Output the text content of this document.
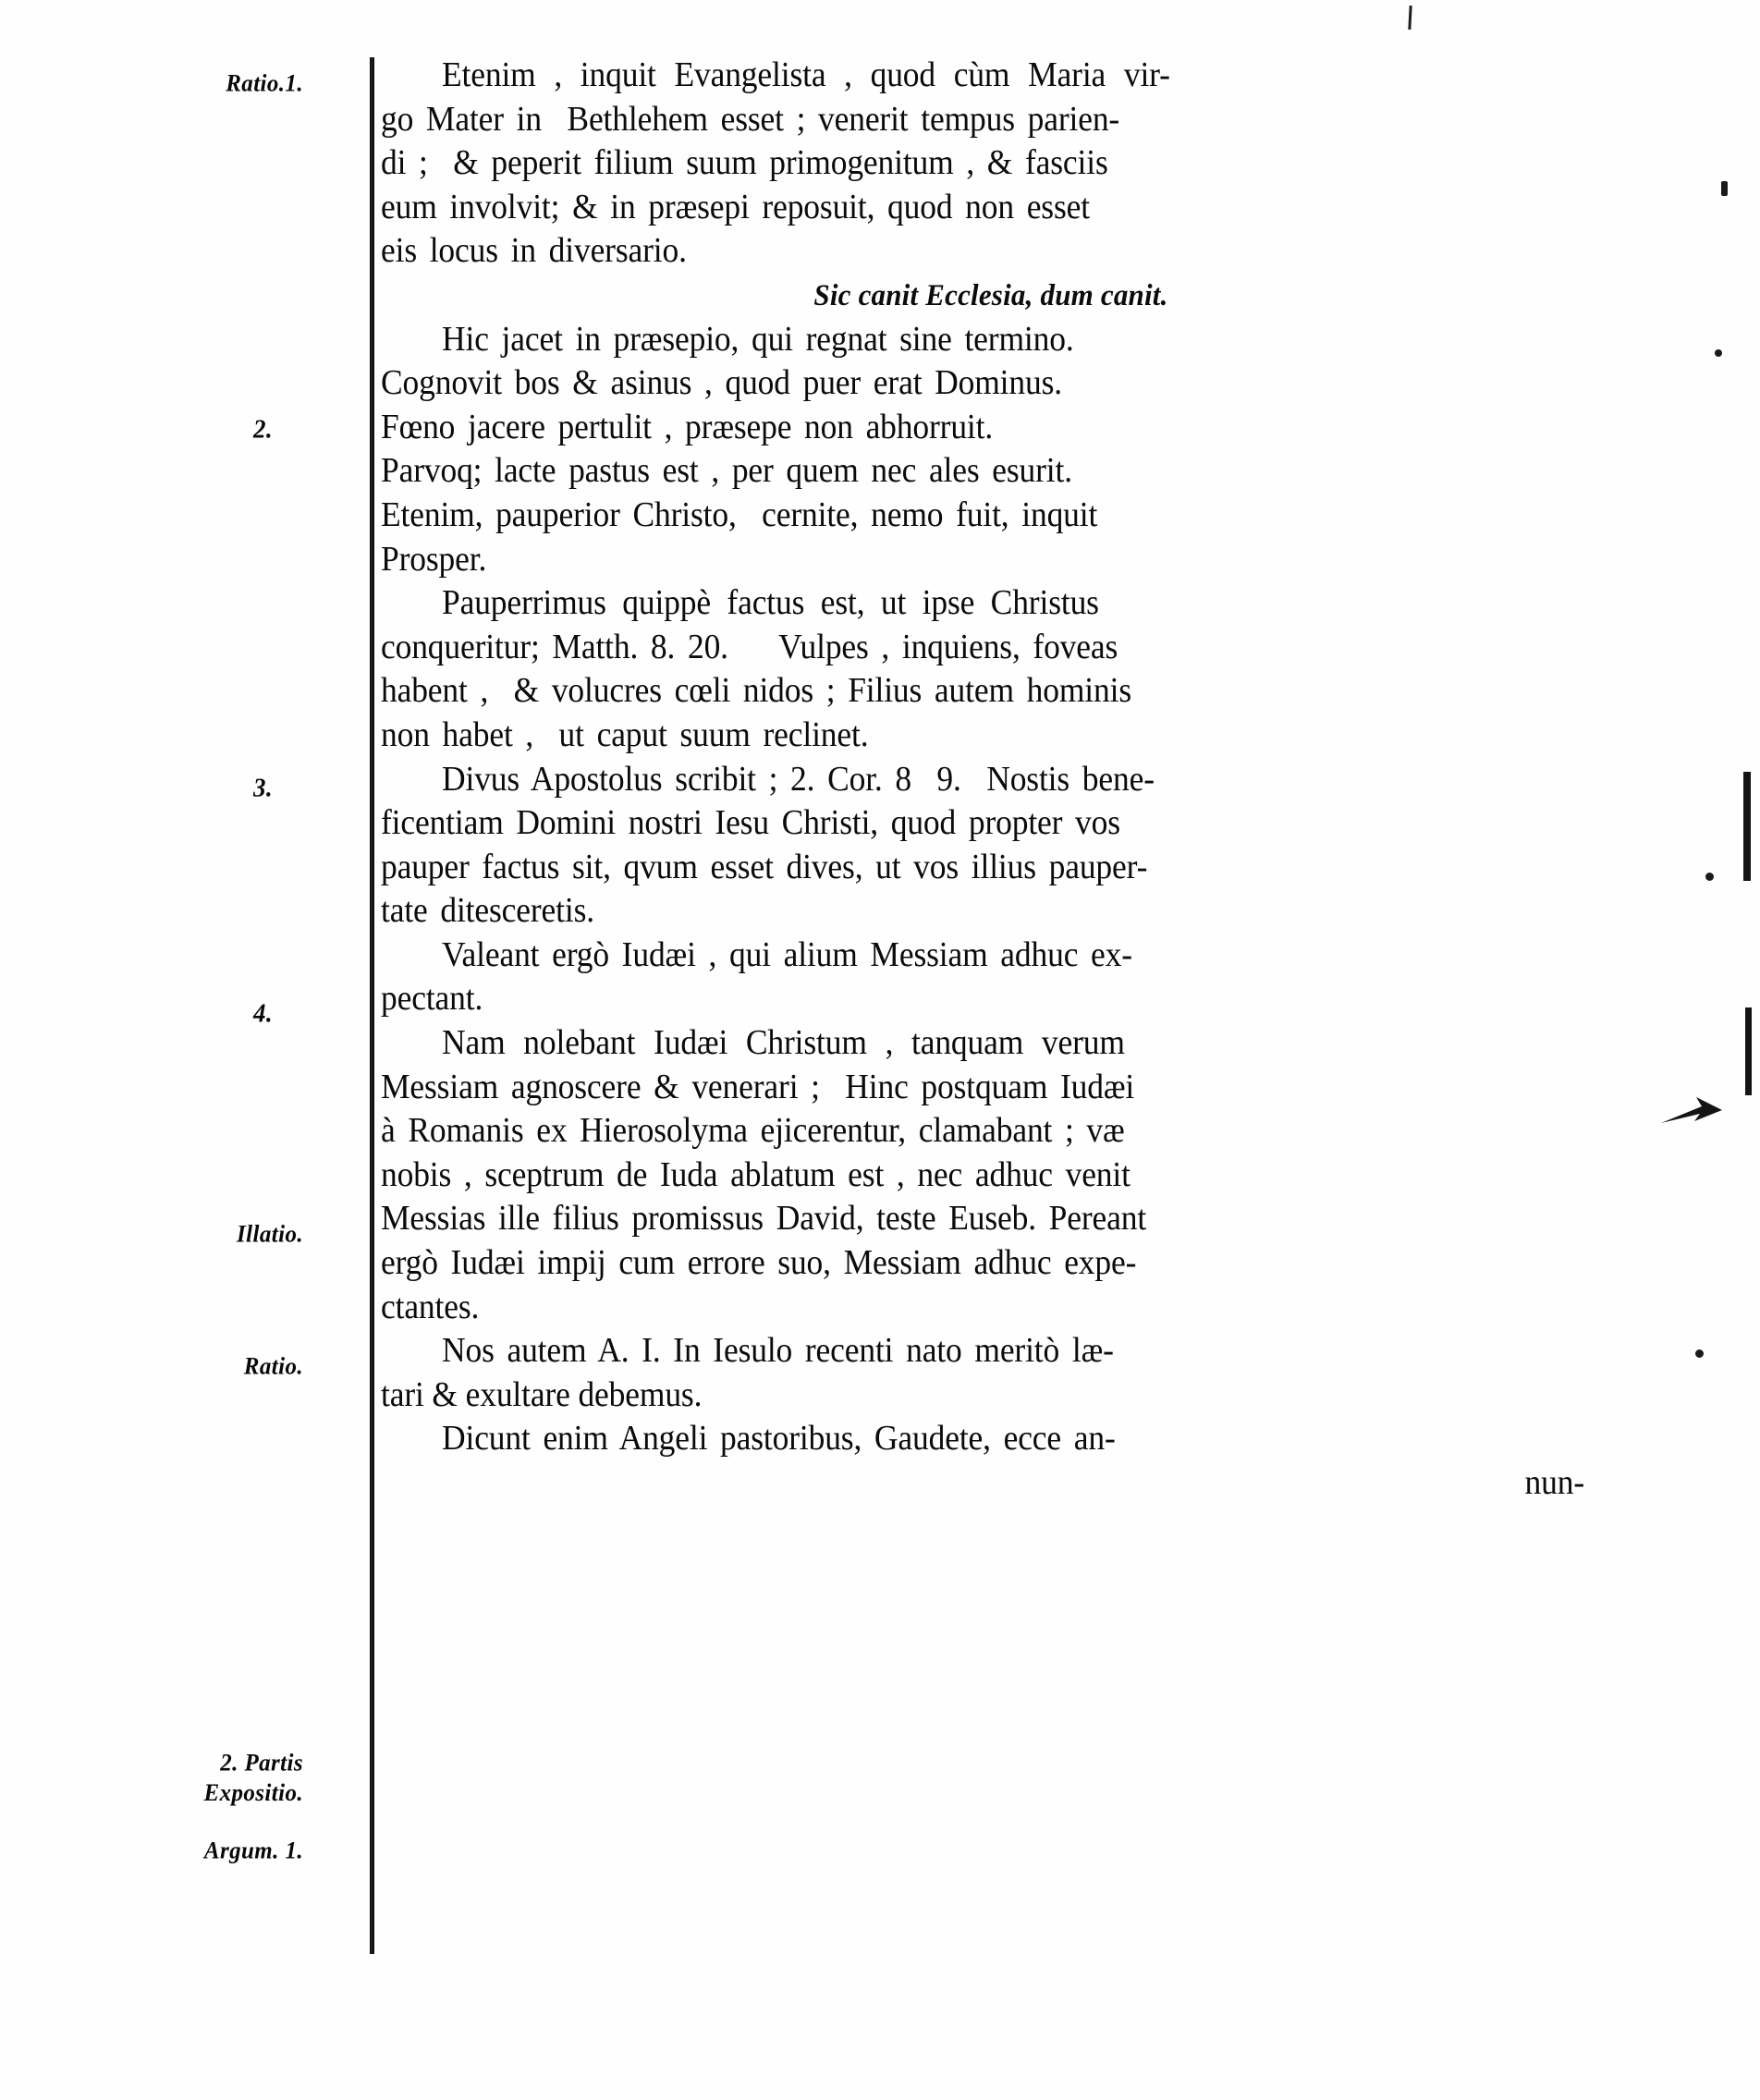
Ratio.1.
2.
3.
4.
Illatio.
Ratio.
2. Partis
Expositio.
Argum. 1.
Etenim , inquit Evangelista , quod cùm Maria vir-
go Mater in  Bethlehem esset ; venerit tempus parien-
di ;  & peperit filium suum primogenitum , & fasciis
eum involvit; & in præsepi reposuit, quod non esset
eis locus in diversario.
Sic canit Ecclesia, dum canit.
Hic jacet in præsepio, qui regnat sine termino.
Cognovit bos & asinus , quod puer erat Dominus.
Fœno jacere pertulit , præsepe non abhorruit.
Parvoq; lacte pastus est , per quem nec ales esurit.
Etenim, pauperior Christo,  cernite, nemo fuit, inquit
Prosper.
Pauperrimus  quippè  factus  est,  ut  ipse  Christus
conqueritur; Matth. 8. 20.    Vulpes , inquiens, foveas
habent ,  & volucres cœli nidos ; Filius autem hominis
non habet ,  ut caput suum reclinet.
Divus Apostolus scribit ; 2. Cor. 8  9.  Nostis bene-
ficentiam Domini nostri Iesu Christi, quod propter vos
pauper factus sit, qvum esset dives, ut vos illius pauper-
tate ditesceretis.
Valeant ergò Iudæi , qui alium Messiam adhuc ex-
pectant.
Nam nolebant Iudæi Christum , tanquam verum
Messiam agnoscere & venerari ;  Hinc postquam Iudæi
à Romanis ex Hierosolyma ejicerentur, clamabant ; væ
nobis , sceptrum de Iuda ablatum est , nec adhuc venit
Messias ille filius promissus David, teste Euseb. Pereant
ergò Iudæi impij cum errore suo, Messiam adhuc expe-
ctantes.
Nos autem A. I. In Iesulo recenti nato meritò læ-
tari & exultare debemus.
Dicunt enim Angeli pastoribus, Gaudete, ecce an-
nun-
